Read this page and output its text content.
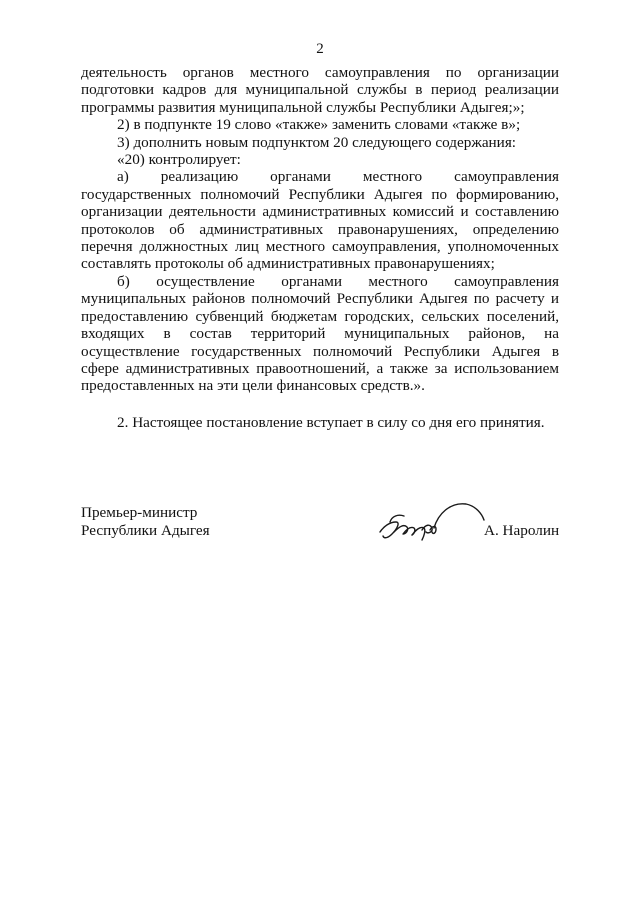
2

деятельность органов местного самоуправления по организации подготовки кадров для муниципальной службы в период реализации программы развития муниципальной службы Республики Адыгея;»;

2) в подпункте 19 слово «также» заменить словами «также в»;

3) дополнить новым подпунктом 20 следующего содержания:

«20) контролирует:

а) реализацию органами местного самоуправления государственных полномочий Республики Адыгея по формированию, организации деятельности административных комиссий и составлению протоколов об административных правонарушениях, определению перечня должностных лиц местного самоуправления, уполномоченных составлять протоколы об административных правонарушениях;

б) осуществление органами местного самоуправления муниципальных районов полномочий Республики Адыгея по расчету и предоставлению субвенций бюджетам городских, сельских поселений, входящих в состав территорий муниципальных районов, на осуществление государственных полномочий Республики Адыгея в сфере административных правоотношений, а также за использованием предоставленных на эти цели финансовых средств.».

2. Настоящее постановление вступает в силу со дня его принятия.
Премьер-министр
Республики Адыгея	А. Наролин
